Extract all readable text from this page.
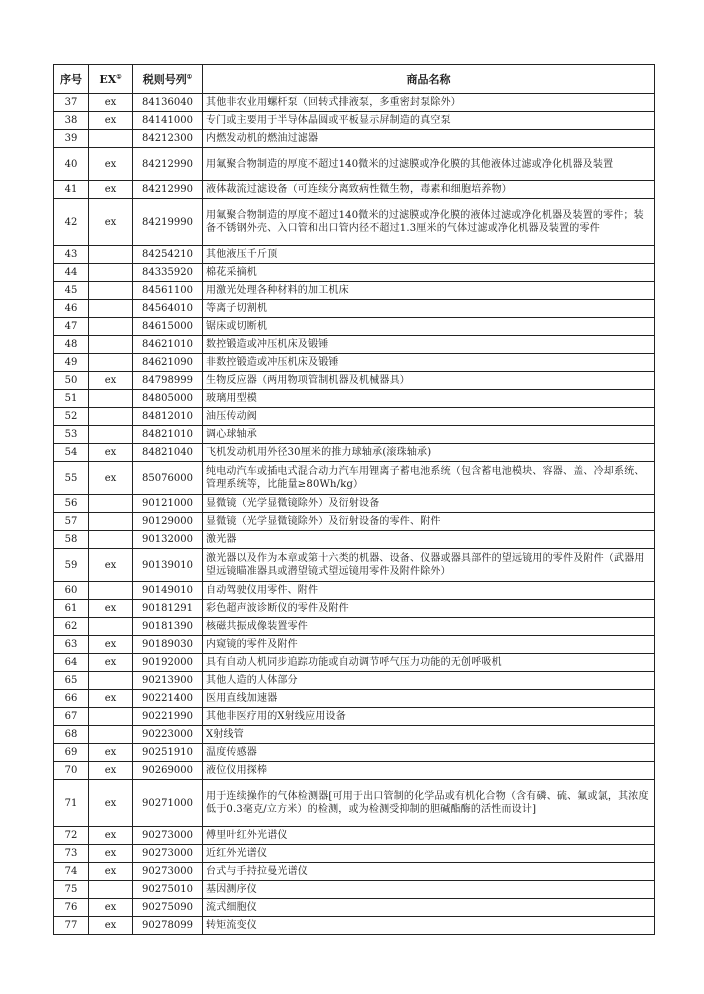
序号	EX①	税则号列①	商品名称
37	ex	84136040	其他非农业用螺杆泵（回转式排液泵，多重密封泵除外）
38	ex	84141000	专门或主要用于半导体晶圆或平板显示屏制造的真空泵
39		84212300	内燃发动机的燃油过滤器
40	ex	84212990	用氟聚合物制造的厚度不超过140微米的过滤膜或净化膜的其他液体过滤或净化机器及装置
41	ex	84212990	液体裁流过滤设备（可连续分离致病性微生物，毒素和细胞培养物）
42	ex	84219990	用氟聚合物制造的厚度不超过140微米的过滤膜或净化膜的液体过滤或净化机器及装置的零件；装备不锈钢外壳、入口管和出口管内径不超过1.3厘米的气体过滤或净化机器及装置的零件
43		84254210	其他液压千斤顶
44		84335920	棉花采摘机
45		84561100	用激光处理各种材料的加工机床
46		84564010	等离子切割机
47		84615000	锯床或切断机
48		84621010	数控锻造或冲压机床及锻锤
49		84621090	非数控锻造或冲压机床及锻锤
50	ex	84798999	生物反应器（两用物项管制机器及机械器具）
51		84805000	玻璃用型模
52		84812010	油压传动阀
53		84821010	调心球轴承
54	ex	84821040	飞机发动机用外径30厘米的推力球轴承(滚珠轴承)
55	ex	85076000	纯电动汽车或插电式混合动力汽车用锂离子蓄电池系统（包含蓄电池模块、容器、盖、冷却系统、管理系统等，比能量≥80Wh/kg）
56		90121000	显微镜（光学显微镜除外）及衍射设备
57		90129000	显微镜（光学显微镜除外）及衍射设备的零件、附件
58		90132000	激光器
59	ex	90139010	激光器以及作为本章或第十六类的机器、设备、仪器或器具部件的望远镜用的零件及附件（武器用望远镜瞄准器具或潜望镜式望远镜用零件及附件除外）
60		90149010	自动驾驶仪用零件、附件
61	ex	90181291	彩色超声波诊断仪的零件及附件
62		90181390	核磁共振成像装置零件
63	ex	90189030	内窥镜的零件及附件
64	ex	90192000	具有自动人机同步追踪功能或自动调节呼气压力功能的无创呼吸机
65		90213900	其他人造的人体部分
66	ex	90221400	医用直线加速器
67		90221990	其他非医疗用的X射线应用设备
68		90223000	X射线管
69	ex	90251910	温度传感器
70	ex	90269000	液位仪用探棒
71	ex	90271000	用于连续操作的气体检测器[可用于出口管制的化学品或有机化合物（含有磷、硫、氟或氯，其浓度低于0.3毫克/立方米）的检测，或为检测受抑制的胆碱酯酶的活性而设计]
72	ex	90273000	傅里叶红外光谱仪
73	ex	90273000	近红外光谱仪
74	ex	90273000	台式与手持拉曼光谱仪
75		90275010	基因测序仪
76	ex	90275090	流式细胞仪
77	ex	90278099	转矩流变仪
